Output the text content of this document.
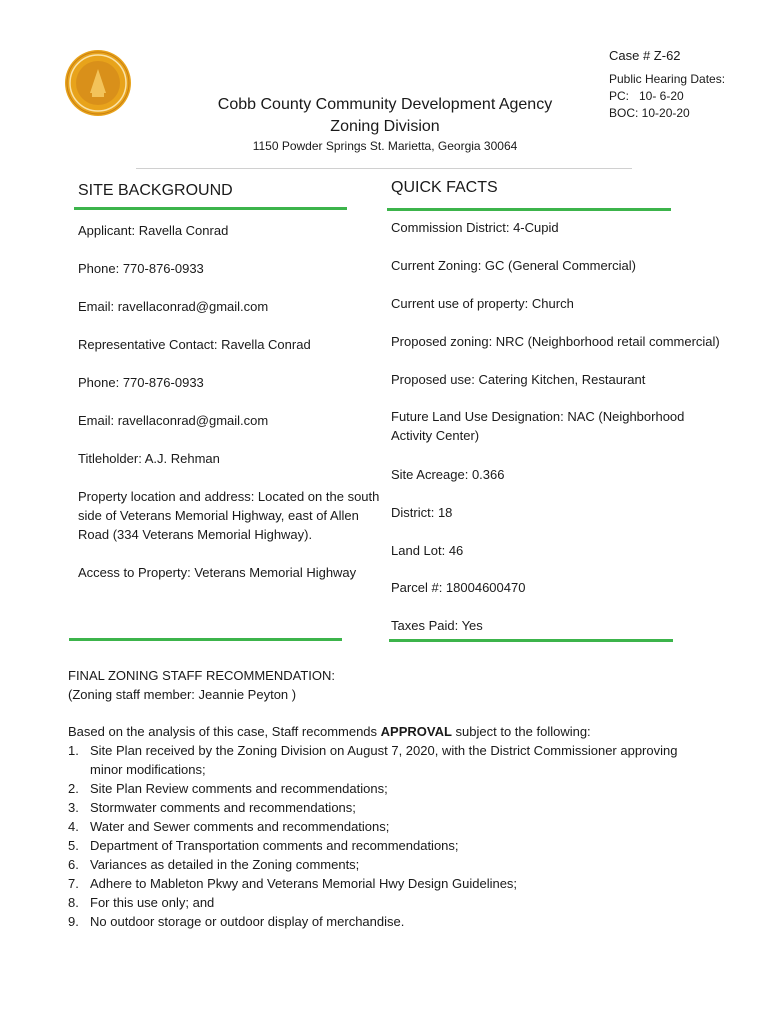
Cobb County Community Development Agency
Zoning Division
1150 Powder Springs St. Marietta, Georgia 30064
Case # Z-62
Public Hearing Dates:
PC:   10- 6-20
BOC: 10-20-20
SITE BACKGROUND
Applicant: Ravella Conrad
Phone: 770-876-0933
Email: ravellaconrad@gmail.com
Representative Contact: Ravella Conrad
Phone: 770-876-0933
Email: ravellaconrad@gmail.com
Titleholder: A.J. Rehman
Property location and address: Located on the south side of Veterans Memorial Highway, east of Allen Road (334 Veterans Memorial Highway).
Access to Property: Veterans Memorial Highway
QUICK FACTS
Commission District: 4-Cupid
Current Zoning: GC (General Commercial)
Current use of property: Church
Proposed zoning: NRC (Neighborhood retail commercial)
Proposed use: Catering Kitchen, Restaurant
Future Land Use Designation: NAC (Neighborhood Activity Center)
Site Acreage: 0.366
District: 18
Land Lot: 46
Parcel #: 18004600470
Taxes Paid: Yes
FINAL ZONING STAFF RECOMMENDATION:
(Zoning staff member: Jeannie Peyton )
Based on the analysis of this case, Staff recommends APPROVAL subject to the following:
1. Site Plan received by the Zoning Division on August 7, 2020, with the District Commissioner approving minor modifications;
2. Site Plan Review comments and recommendations;
3. Stormwater comments and recommendations;
4. Water and Sewer comments and recommendations;
5. Department of Transportation comments and recommendations;
6. Variances as detailed in the Zoning comments;
7. Adhere to Mableton Pkwy and Veterans Memorial Hwy Design Guidelines;
8. For this use only; and
9. No outdoor storage or outdoor display of merchandise.
